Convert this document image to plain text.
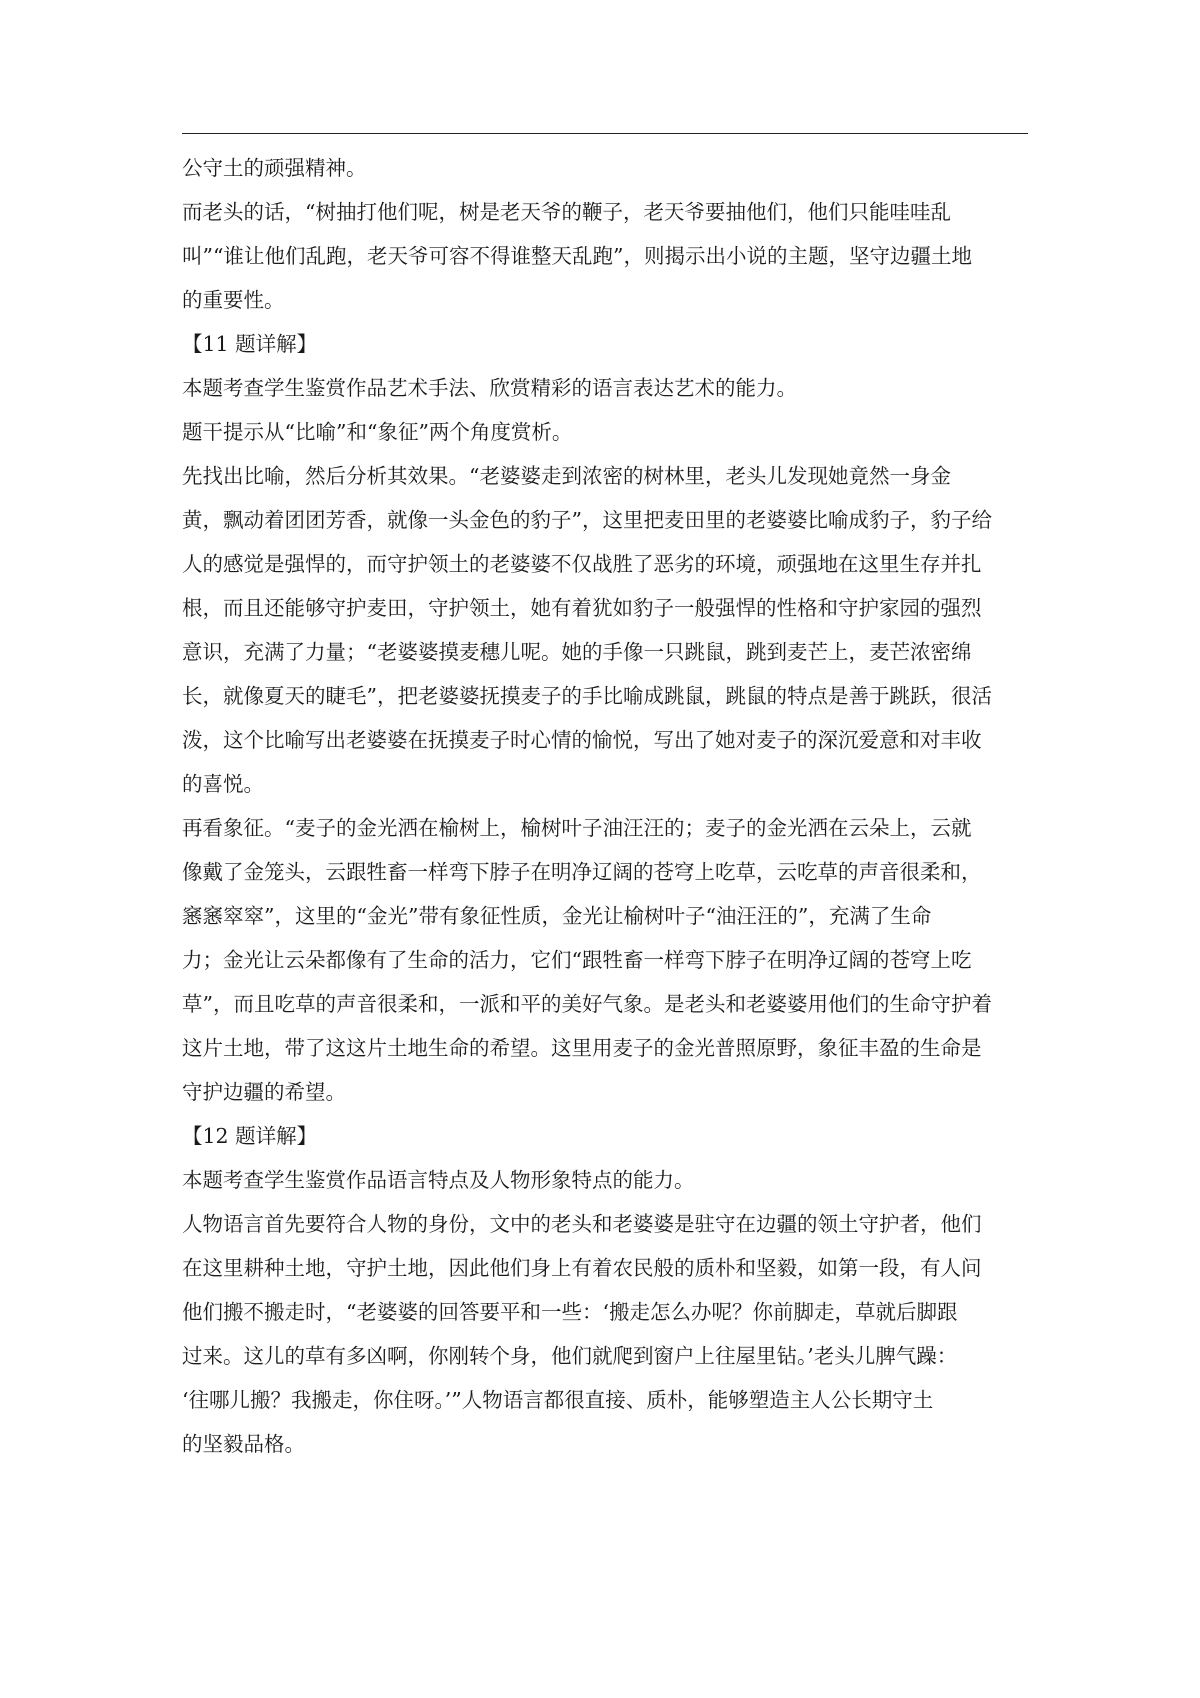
公守土的顽强精神。
而老头的话，“树抽打他们呢，树是老天爷的鞭子，老天爷要抽他们，他们只能哇哇乱
叫”“谁让他们乱跑，老天爷可容不得谁整天乱跑”，则揭示出小说的主题，坚守边疆土地
的重要性。
【11 题详解】
本题考查学生鉴赏作品艺术手法、欣赏精彩的语言表达艺术的能力。
题干提示从“比喻”和“象征”两个角度赏析。
先找出比喻，然后分析其效果。“老婆婆走到浓密的树林里，老头儿发现她竟然一身金
黄，飘动着团团芳香，就像一头金色的豹子”，这里把麦田里的老婆婆比喻成豹子，豹子给
人的感觉是强悍的，而守护领土的老婆婆不仅战胜了恶劣的环境，顽强地在这里生存并扎
根，而且还能够守护麦田，守护领土，她有着犹如豹子一般强悍的性格和守护家园的强烈
意识，充满了力量；“老婆婆摸麦穗儿呢。她的手像一只跳鼠，跳到麦芒上，麦芒浓密绵
长，就像夏天的睫毛”，把老婆婆抚摸麦子的手比喻成跳鼠，跳鼠的特点是善于跳跃，很活
泼，这个比喻写出老婆婆在抚摸麦子时心情的愉悦，写出了她对麦子的深沉爱意和对丰收
的喜悦。
再看象征。“麦子的金光洒在榆树上，榆树叶子油汪汪的；麦子的金光洒在云朵上，云就
像戴了金笼头，云跟牲畜一样弯下脖子在明净辽阔的苍穹上吃草，云吃草的声音很柔和，
窸窸窣窣”，这里的“金光”带有象征性质，金光让榆树叶子“油汪汪的”，充满了生命
力；金光让云朵都像有了生命的活力，它们“跟牲畜一样弯下脖子在明净辽阔的苍穹上吃
草”，而且吃草的声音很柔和，一派和平的美好气象。是老头和老婆婆用他们的生命守护着
这片土地，带了这这片土地生命的希望。这里用麦子的金光普照原野，象征丰盈的生命是
守护边疆的希望。
【12 题详解】
本题考查学生鉴赏作品语言特点及人物形象特点的能力。
人物语言首先要符合人物的身份，文中的老头和老婆婆是驻守在边疆的领土守护者，他们
在这里耕种土地，守护土地，因此他们身上有着农民般的质朴和坚毅，如第一段，有人问
他们搬不搬走时，“老婆婆的回答要平和一些：‘搬走怎么办呢？你前脚走，草就后脚跟
过来。这儿的草有多凶啊，你刚转个身，他们就爬到窗户上往屋里钻。’老头儿脾气躁：
‘往哪儿搬？我搬走，你住呀。’”人物语言都很直接、质朴，能够塑造主人公长期守土
的坚毅品格。
